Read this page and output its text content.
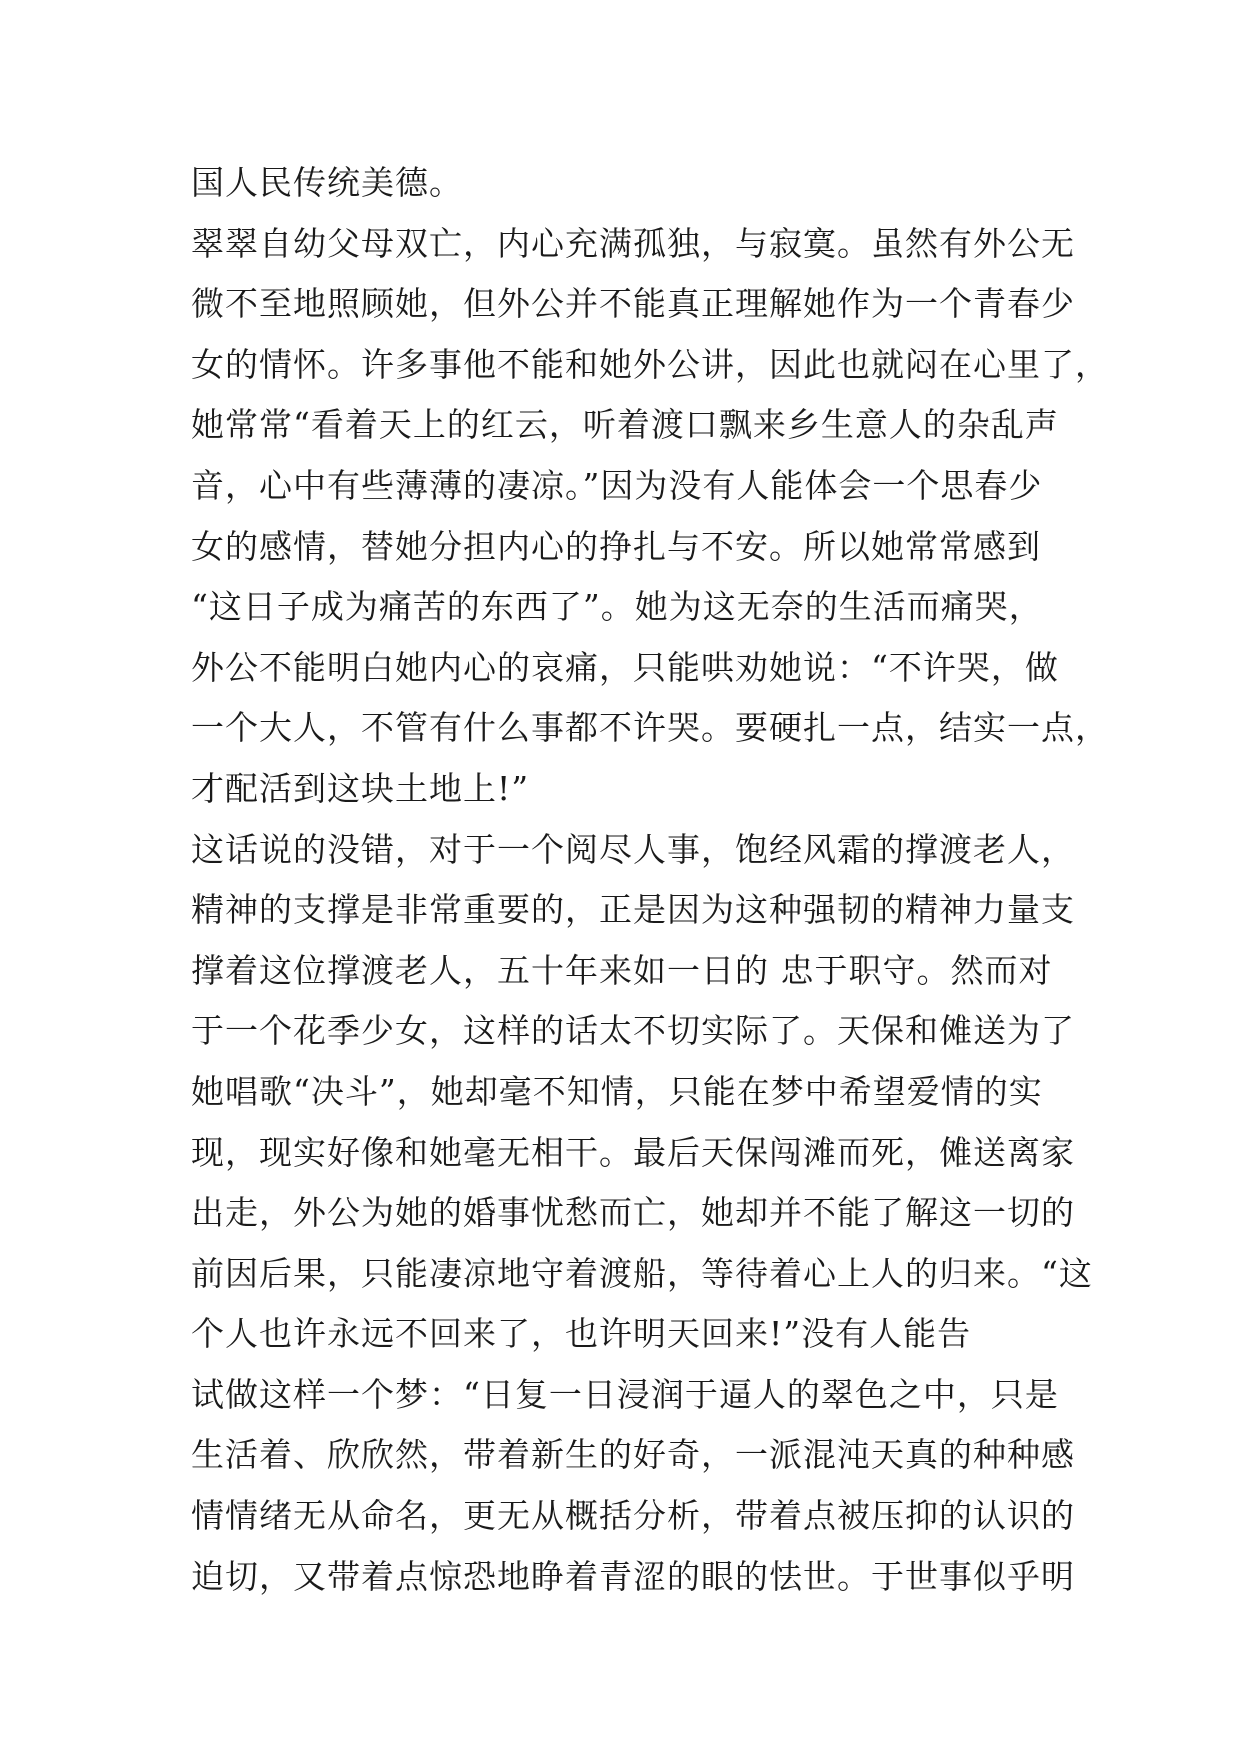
国人民传统美德。
翠翠自幼父母双亡，内心充满孤独，与寂寞。虽然有外公无
微不至地照顾她，但外公并不能真正理解她作为一个青春少
女的情怀。许多事他不能和她外公讲，因此也就闷在心里了，
她常常“看着天上的红云，听着渡口飘来乡生意人的杂乱声
音，心中有些薄薄的凄凉。”因为没有人能体会一个思春少
女的感情，替她分担内心的挣扎与不安。所以她常常感到
“这日子成为痛苦的东西了”。她为这无奈的生活而痛哭，
外公不能明白她内心的哀痛，只能哄劝她说：“不许哭，做
一个大人，不管有什么事都不许哭。要硬扎一点，结实一点，
才配活到这块土地上!”
这话说的没错，对于一个阅尽人事，饱经风霜的撑渡老人，
精神的支撑是非常重要的，正是因为这种强韧的精神力量支
撑着这位撑渡老人，五十年来如一日的 忠于职守。然而对
于一个花季少女，这样的话太不切实际了。天保和傩送为了
她唱歌“决斗”，她却毫不知情，只能在梦中希望爱情的实
现，现实好像和她毫无相干。最后天保闯滩而死，傩送离家
出走，外公为她的婚事忧愁而亡，她却并不能了解这一切的
前因后果，只能凄凉地守着渡船，等待着心上人的归来。“这
个人也许永远不回来了，也许明天回来!”没有人能告
试做这样一个梦：“日复一日浸润于逼人的翠色之中，只是
生活着、欣欣然，带着新生的好奇，一派混沌天真的种种感
情情绪无从命名，更无从概括分析，带着点被压抑的认识的
迫切，又带着点惊恐地睁着青涩的眼的怯世。于世事似乎明
